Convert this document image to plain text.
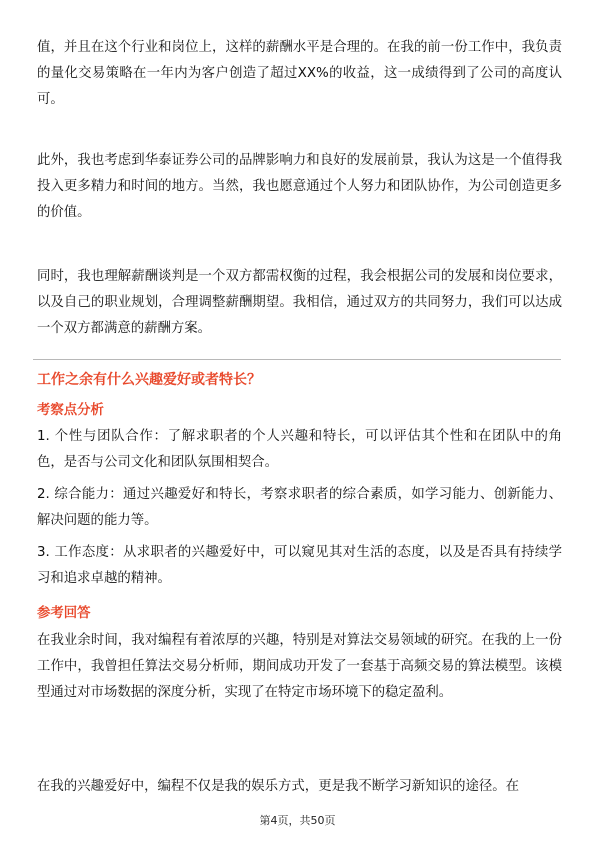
值，并且在这个行业和岗位上，这样的薪酬水平是合理的。在我的前一份工作中，我负责的量化交易策略在一年内为客户创造了超过XX%的收益，这一成绩得到了公司的高度认可。

此外，我也考虑到华泰证券公司的品牌影响力和良好的发展前景，我认为这是一个值得我投入更多精力和时间的地方。当然，我也愿意通过个人努力和团队协作，为公司创造更多的价值。

同时，我也理解薪酬谈判是一个双方都需权衡的过程，我会根据公司的发展和岗位要求，以及自己的职业规划，合理调整薪酬期望。我相信，通过双方的共同努力，我们可以达成一个双方都满意的薪酬方案。

工作之余有什么兴趣爱好或者特长？
考察点分析

1. 个性与团队合作：了解求职者的个人兴趣和特长，可以评估其个性和在团队中的角色，是否与公司文化和团队氛围相契合。

2. 综合能力：通过兴趣爱好和特长，考察求职者的综合素质，如学习能力、创新能力、解决问题的能力等。

3. 工作态度：从求职者的兴趣爱好中，可以窥见其对生活的态度，以及是否具有持续学习和追求卓越的精神。

参考回答

在我业余时间，我对编程有着浓厚的兴趣，特别是对算法交易领域的研究。在我的上一份工作中，我曾担任算法交易分析师，期间成功开发了一套基于高频交易的算法模型。该模型通过对市场数据的深度分析，实现了在特定市场环境下的稳定盈利。

在我的兴趣爱好中，编程不仅是我的娱乐方式，更是我不断学习新知识的途径。在

第4页，共50页
